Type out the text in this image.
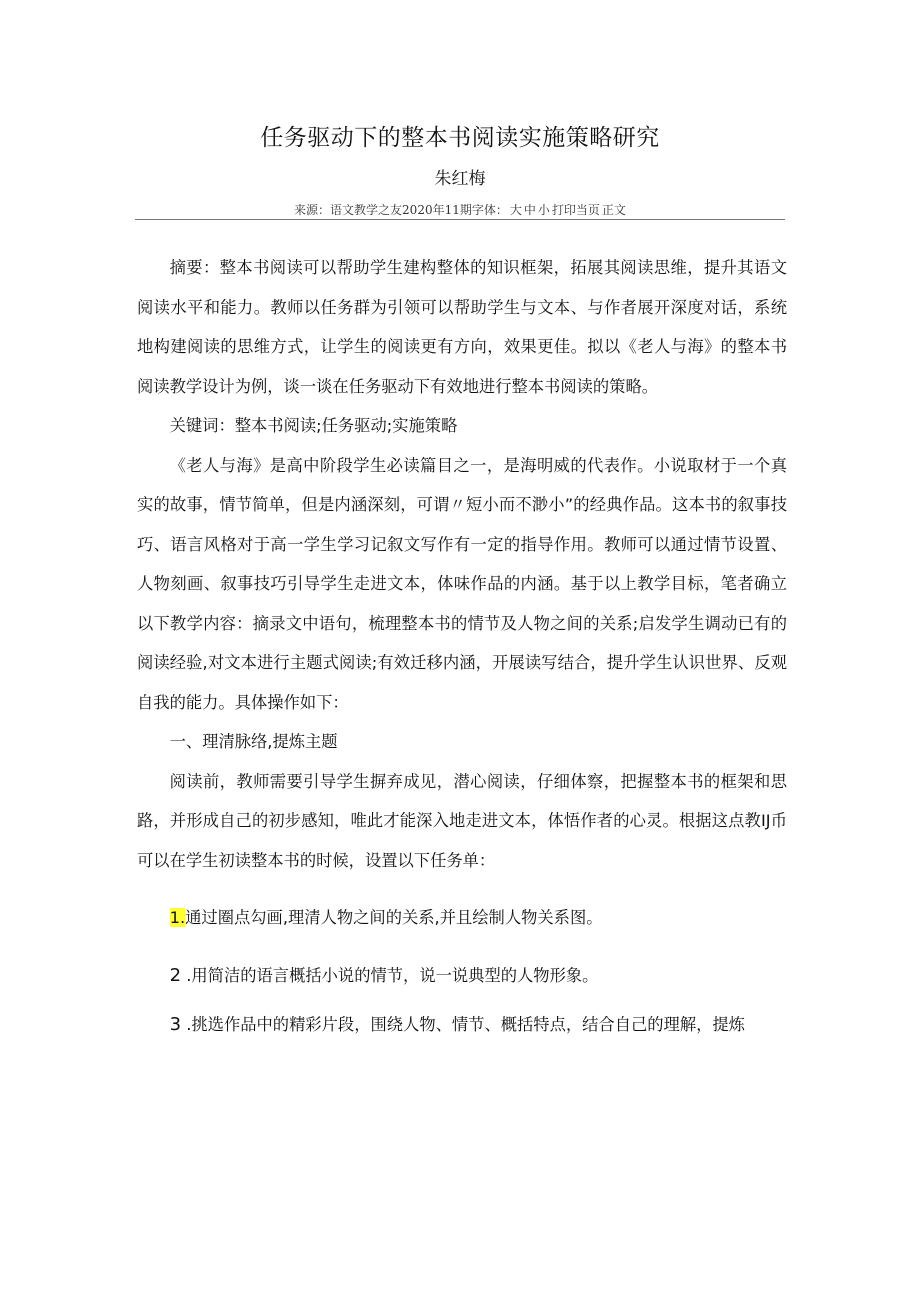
任务驱动下的整本书阅读实施策略研究
朱红梅
来源：语文教学之友2020年11期字体： 大 中 小 打印当页 正文

摘要：整本书阅读可以帮助学生建构整体的知识框架，拓展其阅读思维，提升其语文阅读水平和能力。教师以任务群为引领可以帮助学生与文本、与作者展开深度对话，系统地构建阅读的思维方式，让学生的阅读更有方向，效果更佳。拟以《老人与海》的整本书阅读教学设计为例，谈一谈在任务驱动下有效地进行整本书阅读的策略。

关键词：整本书阅读;任务驱动;实施策略

《老人与海》是高中阶段学生必读篇目之一，是海明威的代表作。小说取材于一个真实的故事，情节简单，但是内涵深刻，可谓〃短小而不渺小”的经典作品。这本书的叙事技巧、语言风格对于高一学生学习记叙文写作有一定的指导作用。教师可以通过情节设置、人物刻画、叙事技巧引导学生走进文本，体味作品的内涵。基于以上教学目标，笔者确立以下教学内容：摘录文中语句，梳理整本书的情节及人物之间的关系;启发学生调动已有的阅读经验,对文本进行主题式阅读;有效迁移内涵，开展读写结合，提升学生认识世界、反观自我的能力。具体操作如下：

一、理清脉络,提炼主题

阅读前，教师需要引导学生摒弃成见，潜心阅读，仔细体察，把握整本书的框架和思路，并形成自己的初步感知，唯此才能深入地走进文本，体悟作者的心灵。根据这点教IJ币可以在学生初读整本书的时候，设置以下任务单：

1.通过圈点勾画,理清人物之间的关系,并且绘制人物关系图。

2 .用简洁的语言概括小说的情节，说一说典型的人物形象。

3 .挑选作品中的精彩片段，围绕人物、情节、概括特点，结合自己的理解，提炼
